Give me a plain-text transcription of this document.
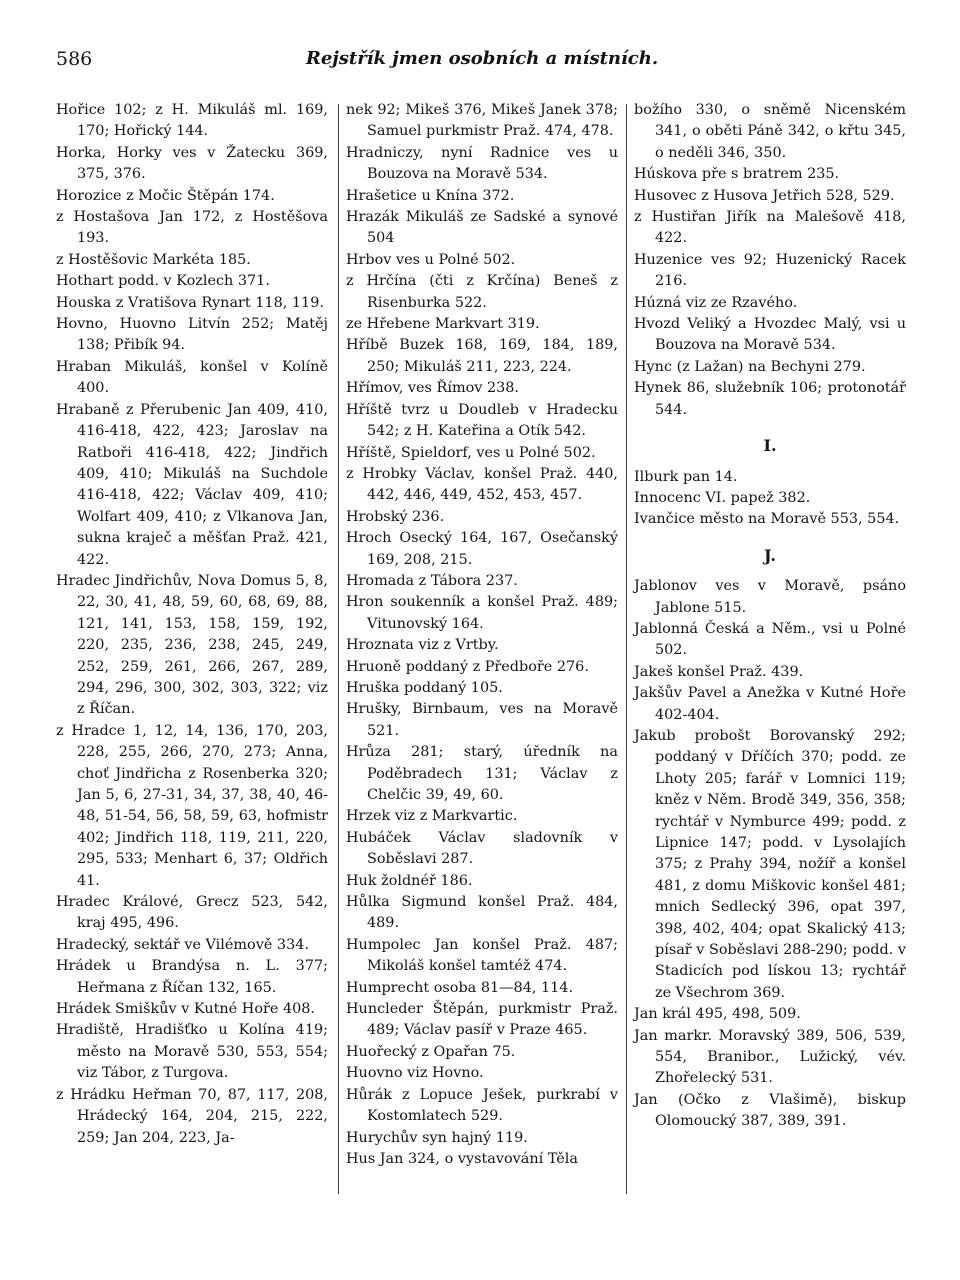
586	Rejstřík jmen osobních a místních.

Hořice 102; z H. Mikuláš ml. 169, 170; Hořický 144.

Horka, Horky ves v Žatecku 369, 375, 376.

Horozice z Močic Štěpán 174.

z Hostašova Jan 172, z Hostěšova 193.

z Hostěšovic Markéta 185.

Hothart podd. v Kozlech 371.

Houska z Vratišova Rynart 118, 119.

Hovno, Huovno Litvín 252; Matěj 138; Přibík 94.

Hraban Mikuláš, konšel v Kolíně 400.

Hrabaně z Přerubenic Jan 409, 410, 416-418, 422, 423; Jaroslav na Ratboři 416-418, 422; Jindřich 409, 410; Mikuláš na Suchdole 416-418, 422; Václav 409, 410; Wolfart 409, 410; z Vlkanova Jan, sukna kraječ a měšťan Praž. 421, 422.

Hradec Jindřichův, Nova Domus 5, 8, 22, 30, 41, 48, 59, 60, 68, 69, 88, 121, 141, 153, 158, 159, 192, 220, 235, 236, 238, 245, 249, 252, 259, 261, 266, 267, 289, 294, 296, 300, 302, 303, 322; viz z Říčan.

z Hradce 1, 12, 14, 136, 170, 203, 228, 255, 266, 270, 273; Anna, choť Jindřicha z Rosenberka 320; Jan 5, 6, 27-31, 34, 37, 38, 40, 46-48, 51-54, 56, 58, 59, 63, hofmistr 402; Jindřich 118, 119, 211, 220, 295, 533; Menhart 6, 37; Oldřich 41.

Hradec Králové, Grecz 523, 542, kraj 495, 496.

Hradecký, sektář ve Vilémově 334.

Hrádek u Brandýsa n. L. 377; Heřmana z Říčan 132, 165.

Hrádek Smiškův v Kutné Hoře 408.

Hradiště, Hradišťko u Kolína 419; město na Moravě 530, 553, 554; viz Tábor, z Turgova.

z Hrádku Heřman 70, 87, 117, 208, Hrádecký 164, 204, 215, 222, 259; Jan 204, 223, Ja-

nek 92; Mikeš 376, Mikeš Janek 378; Samuel purkmistr Praž. 474, 478.

Hradniczy, nyní Radnice ves u Bouzova na Moravě 534.

Hrašetice u Knína 372.

Hrazák Mikuláš ze Sadské a synové 504

Hrbov ves u Polné 502.

z Hrčína (čti z Krčína) Beneš z Risenburka 522.

ze Hřebene Markvart 319.

Hříbě Buzek 168, 169, 184, 189, 250; Mikuláš 211, 223, 224.

Hřímov, ves Římov 238.

Hříště tvrz u Doudleb v Hradecku 542; z H. Kateřina a Otík 542.

Hříště, Spieldorf, ves u Polné 502.

z Hrobky Václav, konšel Praž. 440, 442, 446, 449, 452, 453, 457.

Hrobský 236.

Hroch Osecký 164, 167, Osečanský 169, 208, 215.

Hromada z Tábora 237.

Hron soukenník a konšel Praž. 489; Vitunovský 164.

Hroznata viz z Vrtby.

Hruoně poddaný z Předboře 276.

Hruška poddaný 105.

Hrušky, Birnbaum, ves na Moravě 521.

Hrůza 281; starý, úředník na Poděbradech 131; Václav z Chelčic 39, 49, 60.

Hrzek viz z Markvartic.

Hubáček Václav sladovník v Soběslavi 287.

Huk žoldnéř 186.

Hůlka Sigmund konšel Praž. 484, 489.

Humpolec Jan konšel Praž. 487; Mikoláš konšel tamtéž 474.

Humprecht osoba 81—84, 114.

Huncleder Štěpán, purkmistr Praž. 489; Václav pasíř v Praze 465.

Huořecký z Opařan 75.

Huovno viz Hovno.

Hůrák z Lopuce Ješek, purkrabí v Kostomlatech 529.

Hurychův syn hajný 119.

Hus Jan 324, o vystavování Těla

božího 330, o sněmě Nicenském 341, o oběti Páně 342, o křtu 345, o neděli 346, 350.

Húskova pře s bratrem 235.

Husovec z Husova Jetřich 528, 529.

z Hustiřan Jiřík na Malešově 418, 422.

Huzenice ves 92; Huzenický Racek 216.

Húzná viz ze Rzavého.

Hvozd Veliký a Hvozdec Malý, vsi u Bouzova na Moravě 534.

Hync (z Lažan) na Bechyni 279.

Hynek 86, služebník 106; protonotář 544.

I.

Ilburk pan 14.

Innocenc VI. papež 382.

Ivančice město na Moravě 553, 554.

J.

Jablonov ves v Moravě, psáno Jablone 515.

Jablonná Česká a Něm., vsi u Polné 502.

Jakeš konšel Praž. 439.

Jakšův Pavel a Anežka v Kutné Hoře 402-404.

Jakub probošt Borovanský 292; poddaný v Dříčích 370; podd. ze Lhoty 205; farář v Lomnici 119; kněz v Něm. Brodě 349, 356, 358; rychtář v Nymburce 499; podd. z Lipnice 147; podd. v Lysolajích 375; z Prahy 394, nožíř a konšel 481, z domu Miškovic konšel 481; mnich Sedlecký 396, opat 397, 398, 402, 404; opat Skalický 413; písař v Soběslavi 288-290; podd. v Stadicích pod lískou 13; rychtář ze Všechrom 369.

Jan král 495, 498, 509.

Jan markr. Moravský 389, 506, 539, 554, Branibor., Lužický, vév. Zhořelecký 531.

Jan (Očko z Vlašimě), biskup Olomoucký 387, 389, 391.
